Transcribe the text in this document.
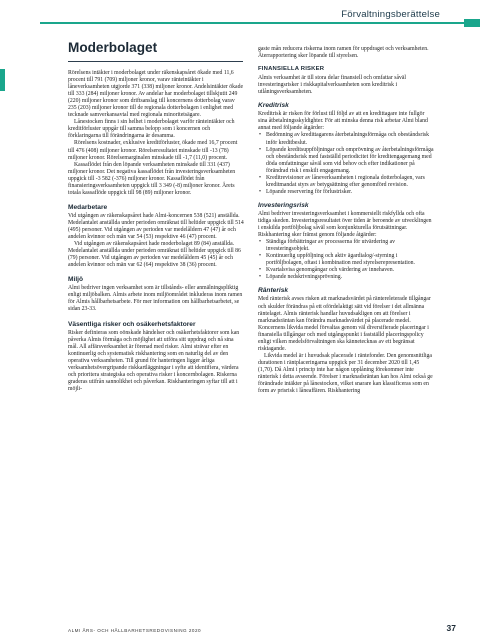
Förvaltningsberättelse
Moderbolaget

Rörelsens intäkter i moderbolaget under räkenskapsåret ökade med 11,6 procent till 791 (709) miljoner kronor, varav ränteintäkter i låneverksamheten utgjorde 371 (338) miljoner kronor. Andelsintäkter ökade till 333 (284) miljoner kronor. Av andelar har moderbolaget tillskjutit 249 (220) miljoner kronor som driftsanslag till koncernens dotterbolag varav 235 (203) miljoner kronor till de regionala dotterbolagen i enlighet med tecknade samverkansavtal med regionala minoritetsägare.

Lånestocken finns i sin helhet i moderbolaget varför ränteintäkter och kreditförluster uppgår till samma belopp som i koncernen och förklaringarna till förändringarna är desamma.

Rörelsens kostnader, exklusive kreditförluster, ökade med 16,7 procent till 476 (408) miljoner kronor. Rörelseresultatet minskade till -13 (78) miljoner kronor. Rörelsemarginalen minskade till -1,7 (11,0) procent.

Kassaflödet från den löpande verksamheten minskade till 331 (437) miljoner kronor. Det negativa kassaflödet från investeringsverksamheten uppgick till -3 582 (-376) miljoner kronor. Kassaflödet från finansieringsverksamheten uppgick till 3 349 (-8) miljoner kronor. Årets totala kassaflöde uppgick till 98 (89) miljoner kronor.

Medarbetare

Vid utgången av räkenskapsåret hade Almi-koncernen 538 (521) anställda. Medelantalet anställda under perioden omräknat till heltider uppgick till 514 (495) personer. Vid utgången av perioden var medelåldern 47 (47) år och andelen kvinnor och män var 54 (53) respektive 46 (47) procent.

Vid utgången av räkenskapsåret hade moderbolaget 89 (84) anställda. Medelantalet anställda under perioden omräknat till heltider uppgick till 86 (79) personer. Vid utgången av perioden var medelåldern 45 (45) år och andelen kvinnor och män var 62 (64) respektive 38 (36) procent.

Miljö

Almi bedriver ingen verksamhet som är tillstånds- eller anmälningspliktig enligt miljöbalken. Almis arbete inom miljöområdet inkluderas inom ramen för Almis hållbarhetsarbete. För mer information om hållbarhetsarbetet, se sidan 23-33.

Väsentliga risker och osäkerhetsfaktorer

Risker definieras som oönskade händelser och osäkerhetsfaktorer som kan påverka Almis förmåga och möjlighet att utföra sitt uppdrag och nå sina mål. All affärsverksamhet är förenad med risker. Almi strävar efter en kontinuerlig och systematisk riskhantering som en naturlig del av den operativa verksamheten. Till grund för hanteringen ligger årliga verksamhetsövergripande riskkartläggningar i syfte att identifiera, värdera och prioritera strategiska och operativa risker i koncernbolagen. Riskerna graderas utifrån sannolikhet och påverkan. Riskhanteringen syftar till att i möjli-

gaste mån reducera riskerna inom ramen för uppdraget och verksamheten. Återrapportering sker löpande till styrelsen.

FINANSIELLA RISKER

Almis verksamhet är till stora delar finansiell och omfattar såväl investeringsrisker i riskkapitalverksamheten som kreditrisk i utlåningsverksamheten.

Kreditrisk

Kreditrisk är risken för förlust till följd av att en kredittagare inte fullgör sina åtbetalningsskyldighter. För att minska denna risk arbetar Almi bland annat med följande åtgärder:

• Bedömning av kredittagarens återbetalningsförmåga och obeståndsrisk inför kreditbeslut.
• Löpande kreditsuppföljningar och omprövning av återbetalningsförmåga och obeståndsrisk med fastställd periodicitet för kreditengagemang med döda omfattningar såväl som vid behov och efter indikationer på förändrad risk i enskilt engagemang.
• Kreditrevisioner av låneverksamheten i regionala dotterbolagen, vars kreditmandat styrs av betygsättning efter genomförd revision.
• Löpande reservering för förlustrisker.
Investeringsrisk

Almi bedriver investeringsverksamhet i kommersiellt riskfyllda och ofta tidiga skeden. Investeringsresultatet över tiden är beroende av utvecklingen i enskilda portföljbolag såväl som konjunkturella förutsättningar. Riskhantering sker främst genom följande åtgärder:

• Ständiga förbättringar av processerna för utvärdering av investeringsobjekt.
• Kontinuerlig uppföljning och aktiv ägardialog/-styrning i portföljbolagen, oftast i kombination med styrelserepresentation.
• Kvartalsvisa genomgångar och värdering av innehaven.
• Löpande nedskrivningsprövning.
Ränterisk

Med ränterisk avses risken att marknadsvärdet på räntereleterade tillgångar och skulder förändras på ett ofördelaktigt sätt vid förelser i det allmänna räntelaget. Almis ränterisk handlar huvudsakligen om att förelser i marknadsräntan kan förändra marknadsvärdet på placerade medel. Koncernens likvida medel förvaltas genom väl diversifierade placeringar i finansiella tillgångar och med utgångspunkt i fastställd placeringspolicy enligt vilken medelsförvaltningen ska kännetecknas av ett begränsat risktagande.

Likvida medel är i huvudsak placerade i räntefonder. Den genomsnittliga durationen i räntplaceringarna uppgick per 31 december 2020 till 1,45 (1,70). Då Almi i princip inte har någon upplåning förekommer inte ränterisk i detta avseende. Förelser i marknadsräntan kan hos Almi också ge förändrade intäkter på lånestocken, vilket snarare kan klassificeras som en form av prisrisk i låneaffären. Riskhantering

ALMI ÅRS- OCH HÅLLBARHETSREDOVISNING 2020	37
